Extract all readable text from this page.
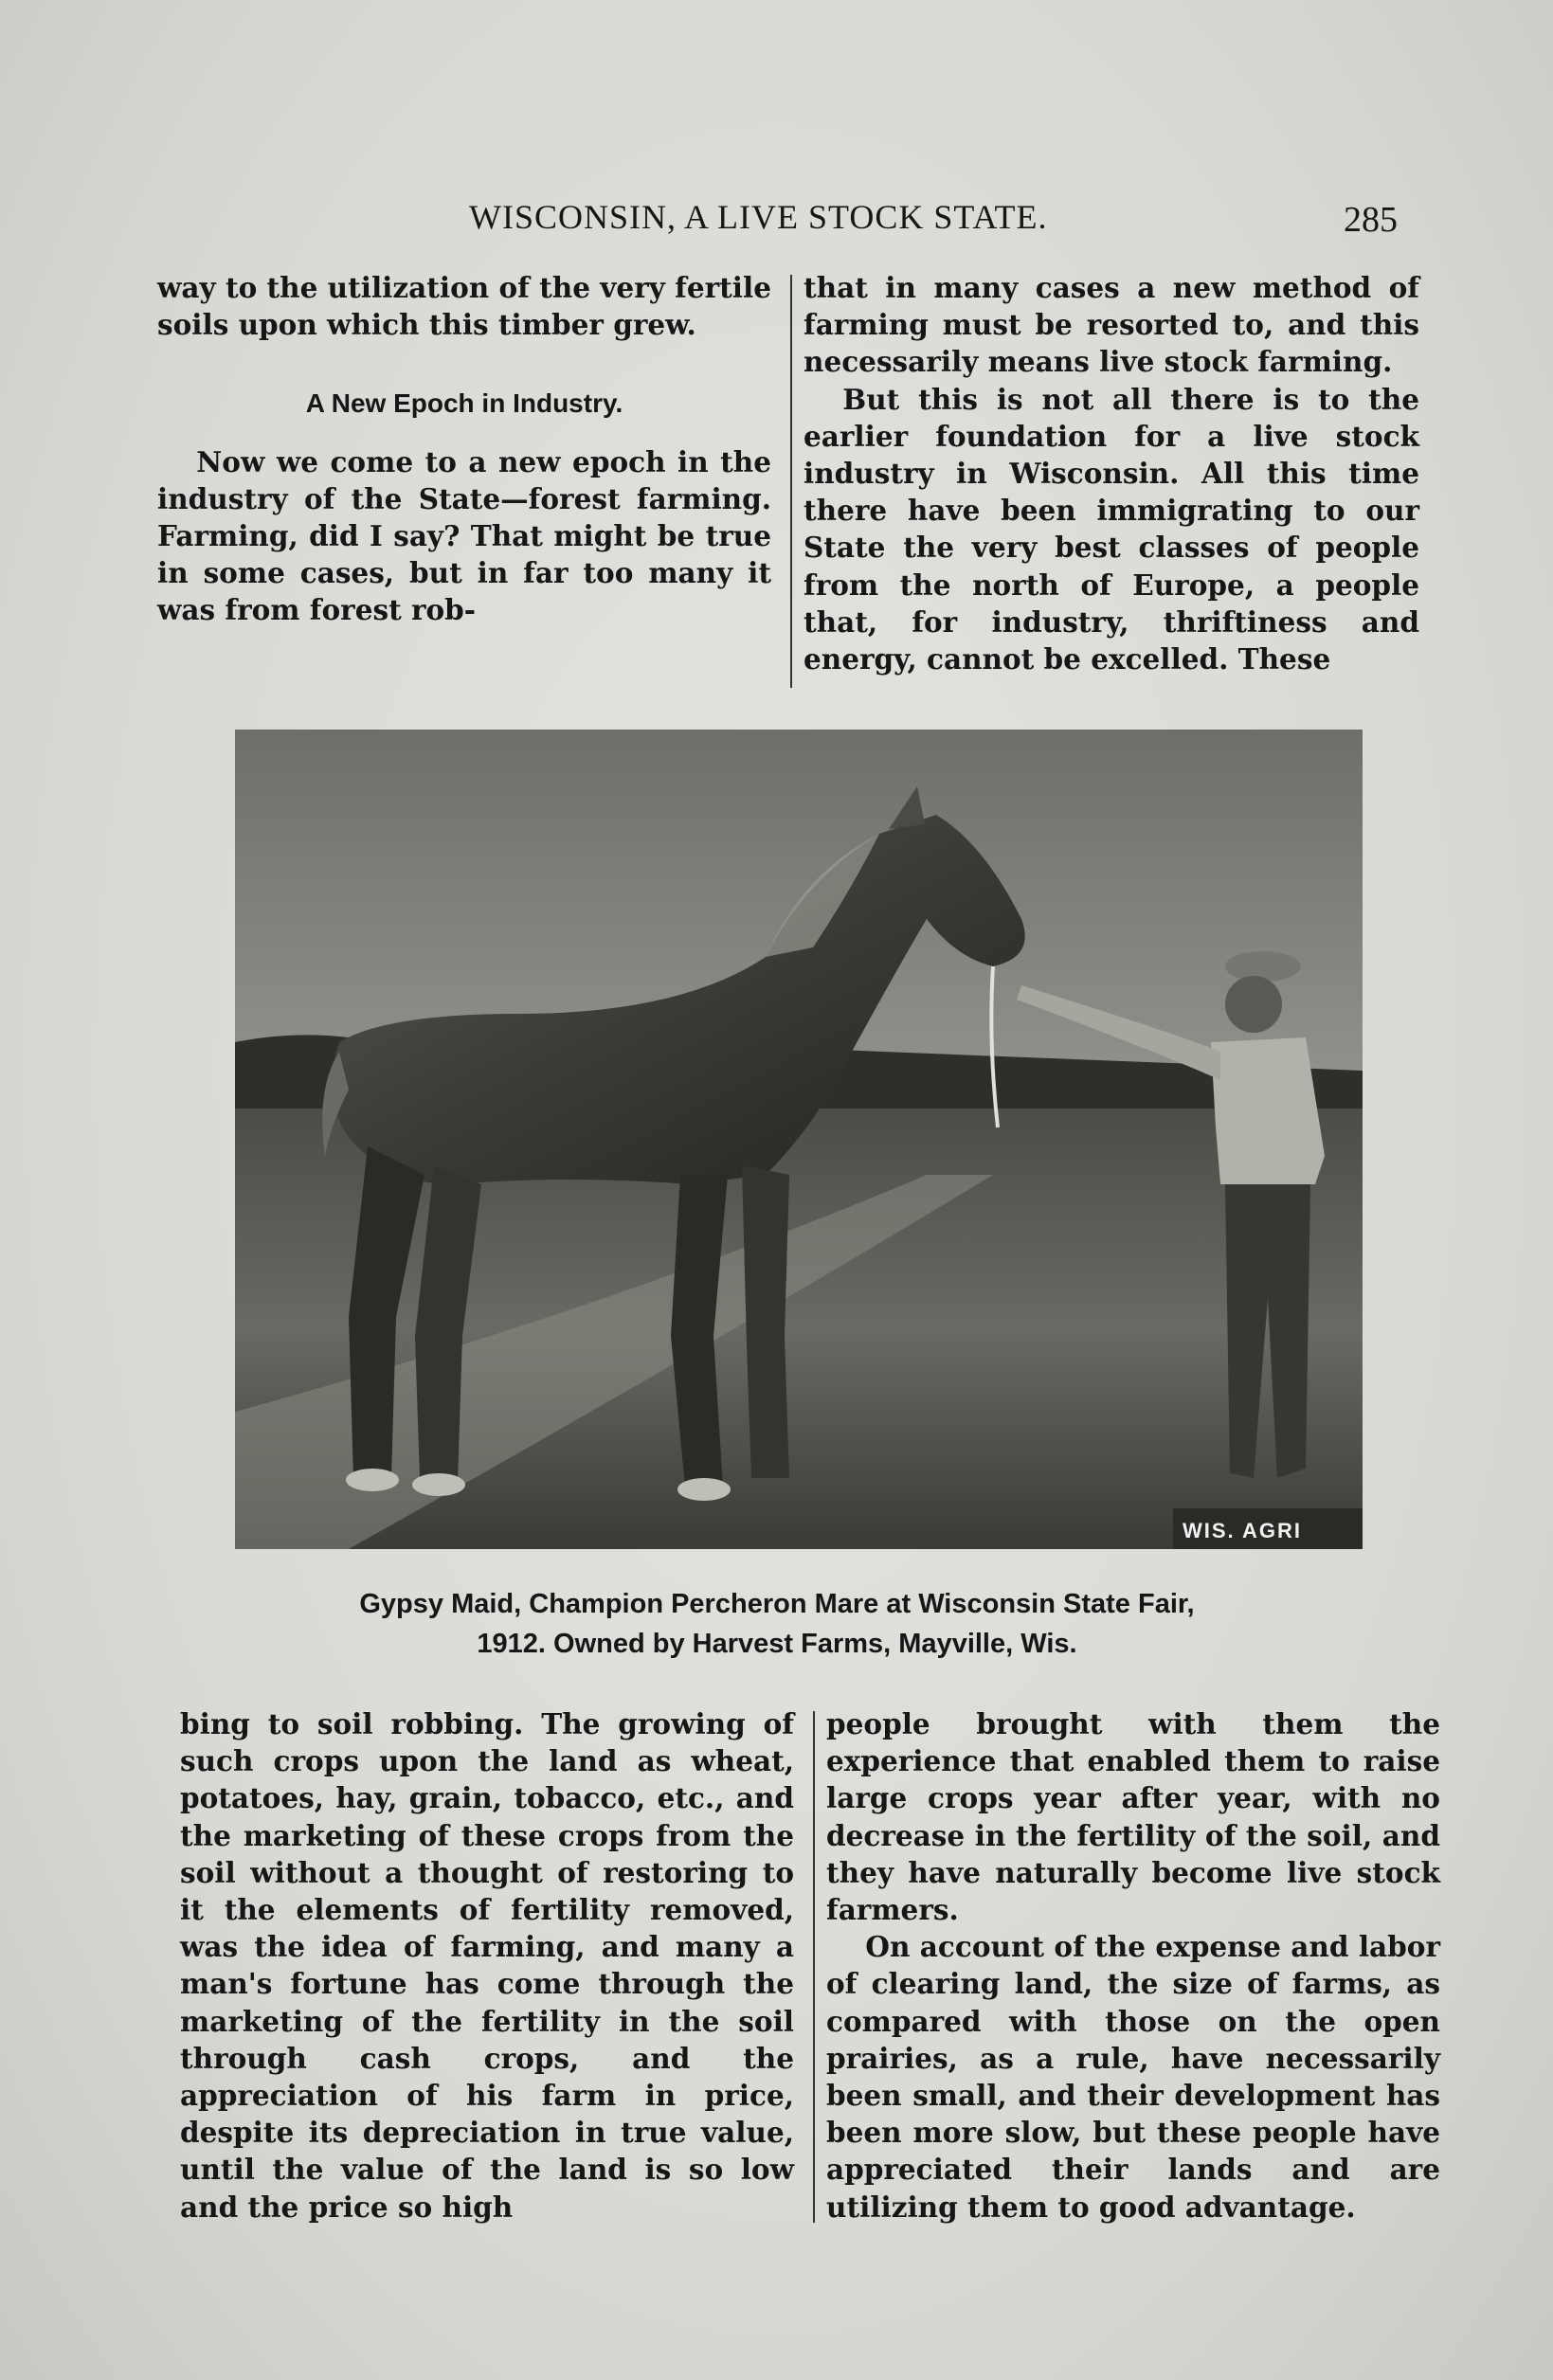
WISCONSIN, A LIVE STOCK STATE.	285

way to the utilization of the very fertile soils upon which this timber grew.

A New Epoch in Industry.

Now we come to a new epoch in the industry of the State—forest farming. Farming, did I say? That might be true in some cases, but in far too many it was from forest rob-

that in many cases a new method of farming must be resorted to, and this necessarily means live stock farming.

But this is not all there is to the earlier foundation for a live stock industry in Wisconsin. All this time there have been immigrating to our State the very best classes of people from the north of Europe, a people that, for industry, thriftiness and energy, cannot be excelled. These

WIS. AGRI
Gypsy Maid, Champion Percheron Mare at Wisconsin State Fair,
1912. Owned by Harvest Farms, Mayville, Wis.

bing to soil robbing. The growing of such crops upon the land as wheat, potatoes, hay, grain, tobacco, etc., and the marketing of these crops from the soil without a thought of restoring to it the elements of fertility removed, was the idea of farming, and many a man's fortune has come through the marketing of the fertility in the soil through cash crops, and the appreciation of his farm in price, despite its depreciation in true value, until the value of the land is so low and the price so high

people brought with them the experience that enabled them to raise large crops year after year, with no decrease in the fertility of the soil, and they have naturally become live stock farmers.

On account of the expense and labor of clearing land, the size of farms, as compared with those on the open prairies, as a rule, have necessarily been small, and their development has been more slow, but these people have appreciated their lands and are utilizing them to good advantage.
